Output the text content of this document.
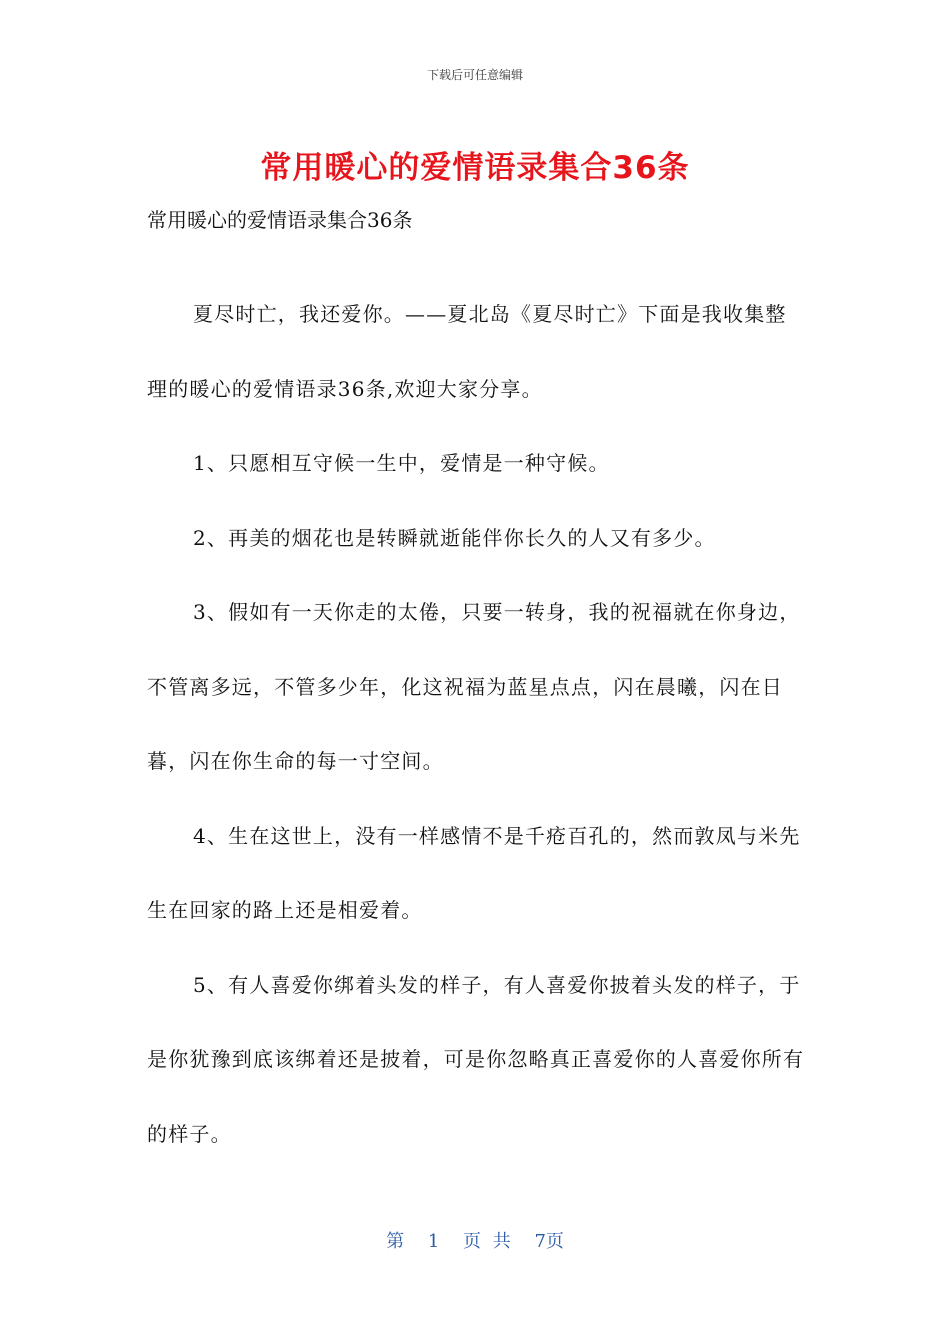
下载后可任意编辑
常用暖心的爱情语录集合36条

常用暖心的爱情语录集合36条

夏尽时亡，我还爱你。——夏北岛《夏尽时亡》下面是我收集整理的暖心的爱情语录36条,欢迎大家分享。

1、只愿相互守候一生中，爱情是一种守候。

2、再美的烟花也是转瞬就逝能伴你长久的人又有多少。

3、假如有一天你走的太倦，只要一转身，我的祝福就在你身边，不管离多远，不管多少年，化这祝福为蓝星点点，闪在晨曦，闪在日暮，闪在你生命的每一寸空间。

4、生在这世上，没有一样感情不是千疮百孔的，然而敦凤与米先生在回家的路上还是相爱着。

5、有人喜爱你绑着头发的样子，有人喜爱你披着头发的样子，于是你犹豫到底该绑着还是披着，可是你忽略真正喜爱你的人喜爱你所有的样子。

第 1 页 共 7页
